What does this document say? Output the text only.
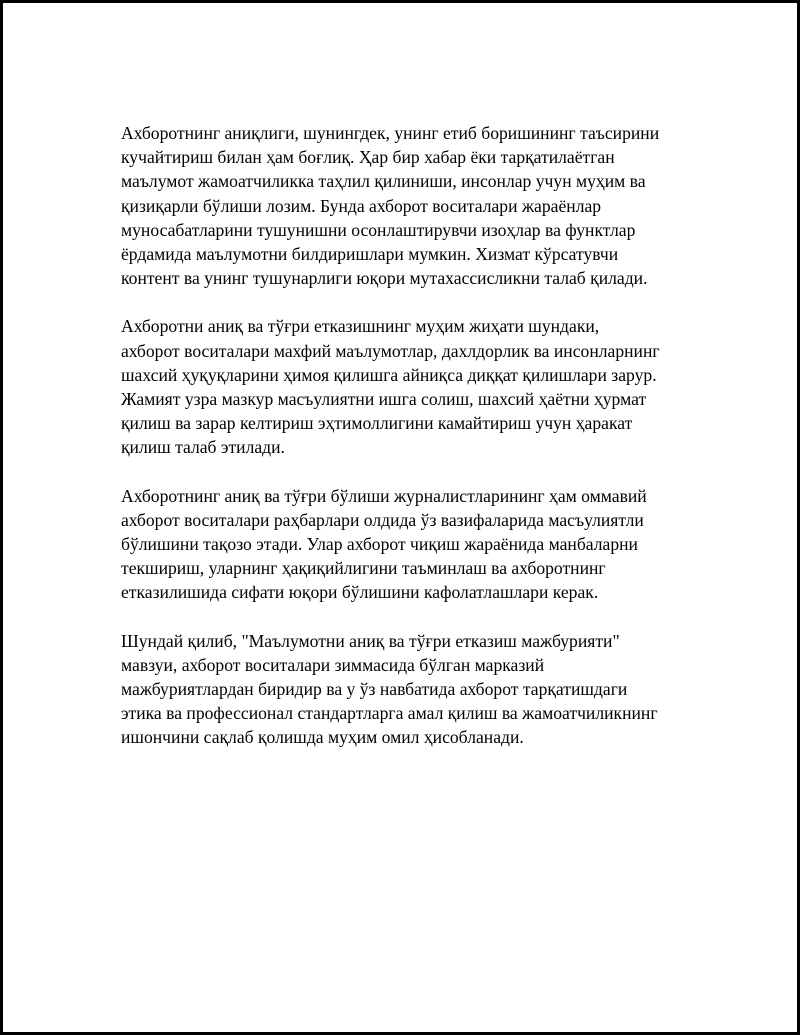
Ахборотнинг аниқлиги, шунингдек, унинг етиб боришининг таъсирини
кучайтириш билан ҳам боғлиқ. Ҳар бир хабар ёки тарқатилаётган
маълумот жамоатчиликка таҳлил қилиниши, инсонлар учун муҳим ва
қизиқарли бўлиши лозим. Бунда ахборот воситалари жараёнлар
муносабатларини тушунишни осонлаштирувчи изоҳлар ва функтлар
ёрдамида маълумотни билдиришлари мумкин. Хизмат кўрсатувчи
контент ва унинг тушунарлиги юқори мутахассисликни талаб қилади.

Ахборотни аниқ ва тўғри етказишнинг муҳим жиҳати шундаки,
ахборот воситалари махфий маълумотлар, дахлдорлик ва инсонларнинг
шахсий ҳуқуқларини ҳимоя қилишга айниқса диққат қилишлари зарур.
Жамият узра мазкур масъулиятни ишга солиш, шахсий ҳаётни ҳурмат
қилиш ва зарар келтириш эҳтимоллигини камайтириш учун ҳаракат
қилиш талаб этилади.

Ахборотнинг аниқ ва тўғри бўлиши журналистларининг ҳам оммавий
ахборот воситалари раҳбарлари олдида ўз вазифаларида масъулиятли
бўлишини тақозо этади. Улар ахборот чиқиш жараёнида манбаларни
текшириш, уларнинг ҳақиқийлигини таъминлаш ва ахборотнинг
етказилишида сифати юқори бўлишини кафолатлашлари керак.

Шундай қилиб, "Маълумотни аниқ ва тўғри етказиш мажбурияти"
мавзуи, ахборот воситалари зиммасида бўлган марказий
мажбуриятлардан биридир ва у ўз навбатида ахборот тарқатишдаги
этика ва профессионал стандартларга амал қилиш ва жамоатчиликнинг
ишончини сақлаб қолишда муҳим омил ҳисобланади.
